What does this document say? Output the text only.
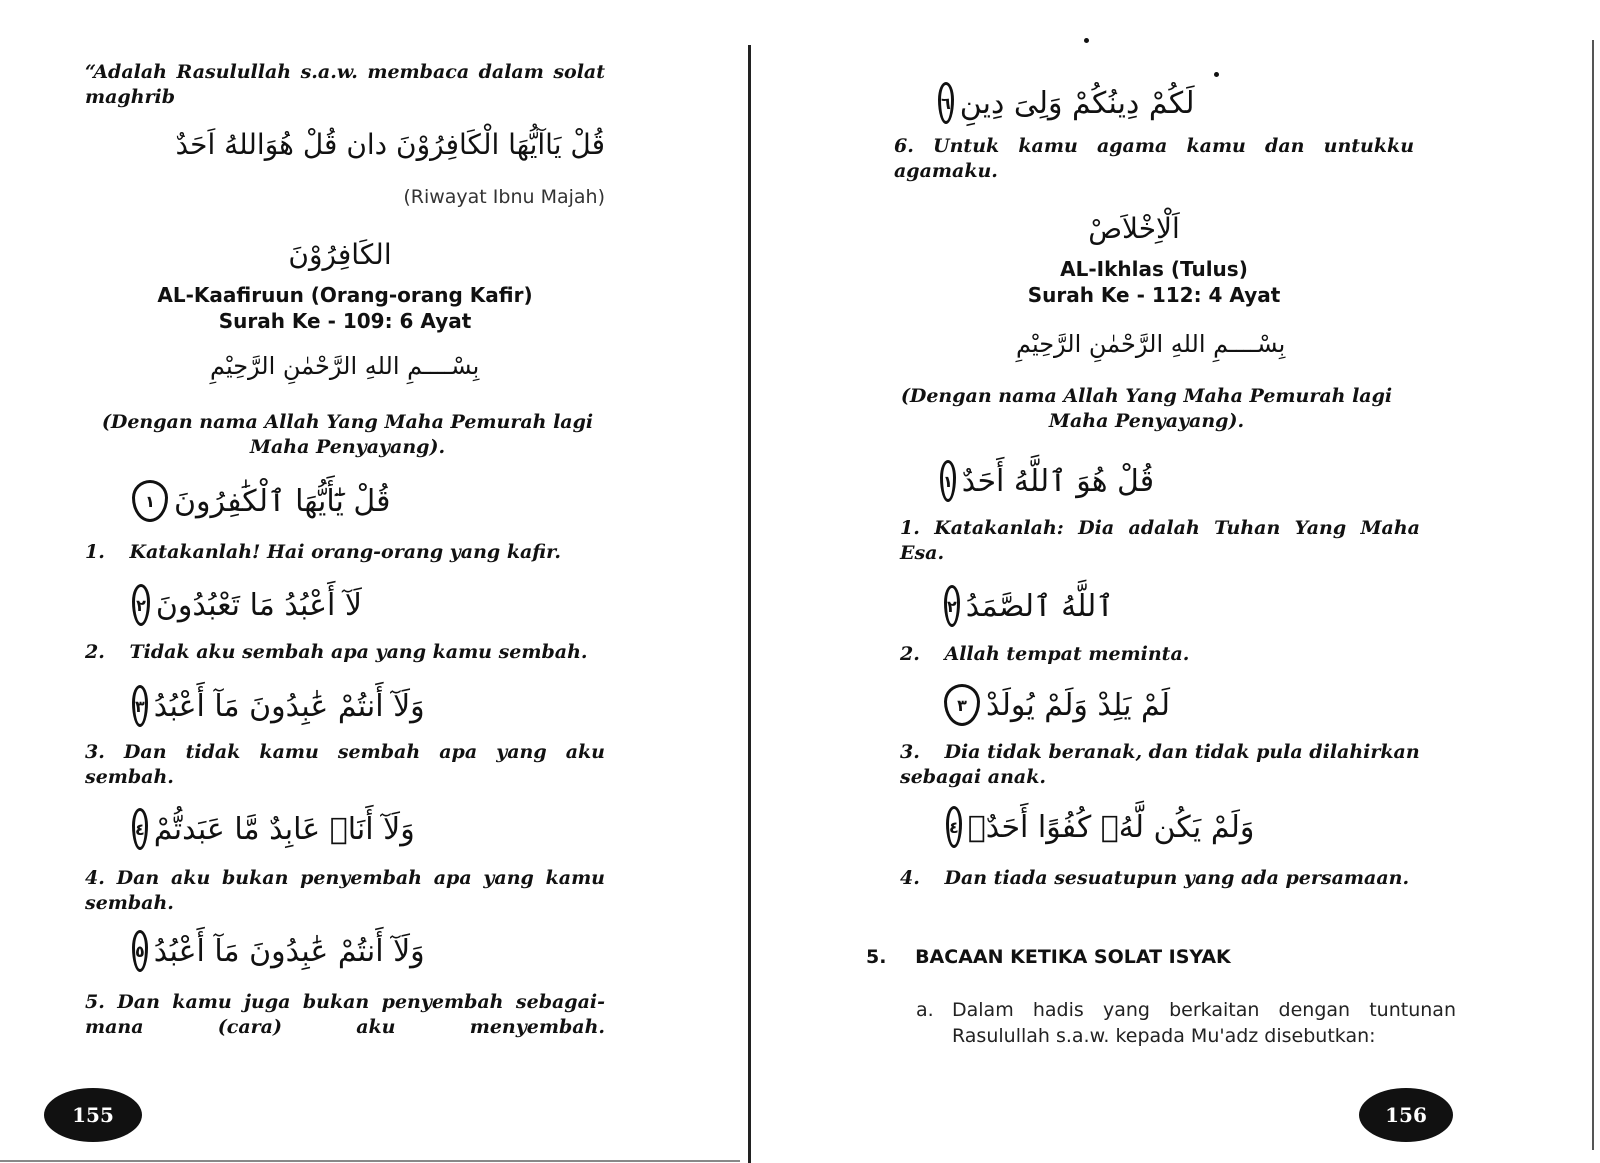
“Adalah Rasulullah s.a.w. membaca dalam solat maghrib
قُلْ يَاآيُّهَا الْكَافِرُوْنَ دان قُلْ هُوَاللهُ اَحَدٌ
(Riwayat Ibnu Majah)
الكَافِرُوْنَ
AL-Kaafiruun (Orang-orang Kafir)
Surah Ke - 109: 6 Ayat
بِسْــــمِ اللهِ الرَّحْمٰنِ الرَّحِيْمِ
(Dengan nama Allah Yang Maha Pemurah lagi Maha Penyayang).
قُلْ يَٰٓأَيُّهَا ٱلْكَٰفِرُونَ
١
1. Katakanlah! Hai orang-orang yang kafir.
لَآ أَعْبُدُ مَا تَعْبُدُونَ
٢
2. Tidak aku sembah apa yang kamu sembah.
وَلَآ أَنتُمْ عَٰبِدُونَ مَآ أَعْبُدُ
٣
3. Dan tidak kamu sembah apa yang aku sembah.
وَلَآ أَنَا۠ عَابِدٌ مَّا عَبَدتُّمْ
٤
4. Dan aku bukan penyembah apa yang kamu sembah.
وَلَآ أَنتُمْ عَٰبِدُونَ مَآ أَعْبُدُ
٥
5. Dan kamu juga bukan penyembah sebagai- mana (cara) aku menyembah.
155
لَكُمْ دِينُكُمْ وَلِىَ دِينِ
٦
6. Untuk kamu agama kamu dan untukku agamaku.
اَلْاِخْلاَصْ
AL-Ikhlas (Tulus)
Surah Ke - 112: 4 Ayat
بِسْــــمِ اللهِ الرَّحْمٰنِ الرَّحِيْمِ
(Dengan nama Allah Yang Maha Pemurah lagi Maha Penyayang).
قُلْ هُوَ ٱللَّهُ أَحَدٌ
١
1. Katakanlah: Dia adalah Tuhan Yang Maha Esa.
ٱللَّهُ ٱلصَّمَدُ
٢
2. Allah tempat meminta.
لَمْ يَلِدْ وَلَمْ يُولَدْ
٣
3. Dia tidak beranak, dan tidak pula dilahirkan sebagai anak.
وَلَمْ يَكُن لَّهُۥ كُفُوًا أَحَدٌۢ
٤
4. Dan tiada sesuatupun yang ada persamaan.
5. BACAAN KETIKA SOLAT ISYAK
a. Dalam hadis yang berkaitan dengan tuntunan Rasulullah s.a.w. kepada Mu'adz disebutkan:
156
